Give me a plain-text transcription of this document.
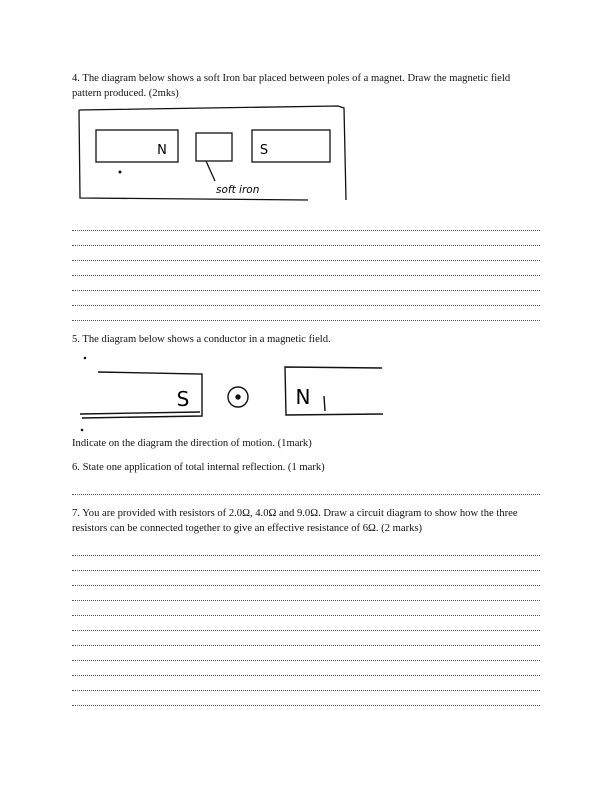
4. The diagram below shows a soft Iron bar placed between poles of a magnet. Draw the magnetic field pattern produced. (2mks)

N	S
soft iron

5. The diagram below shows a conductor in a magnetic field.

S	N

Indicate on the diagram the direction of motion. (1mark)

6. State one application of total internal reflection. (1 mark)

7. You are provided with resistors of 2.0Ω, 4.0Ω and 9.0Ω. Draw a circuit diagram to show how the three resistors can be connected together to give an effective resistance of 6Ω. (2 marks)
